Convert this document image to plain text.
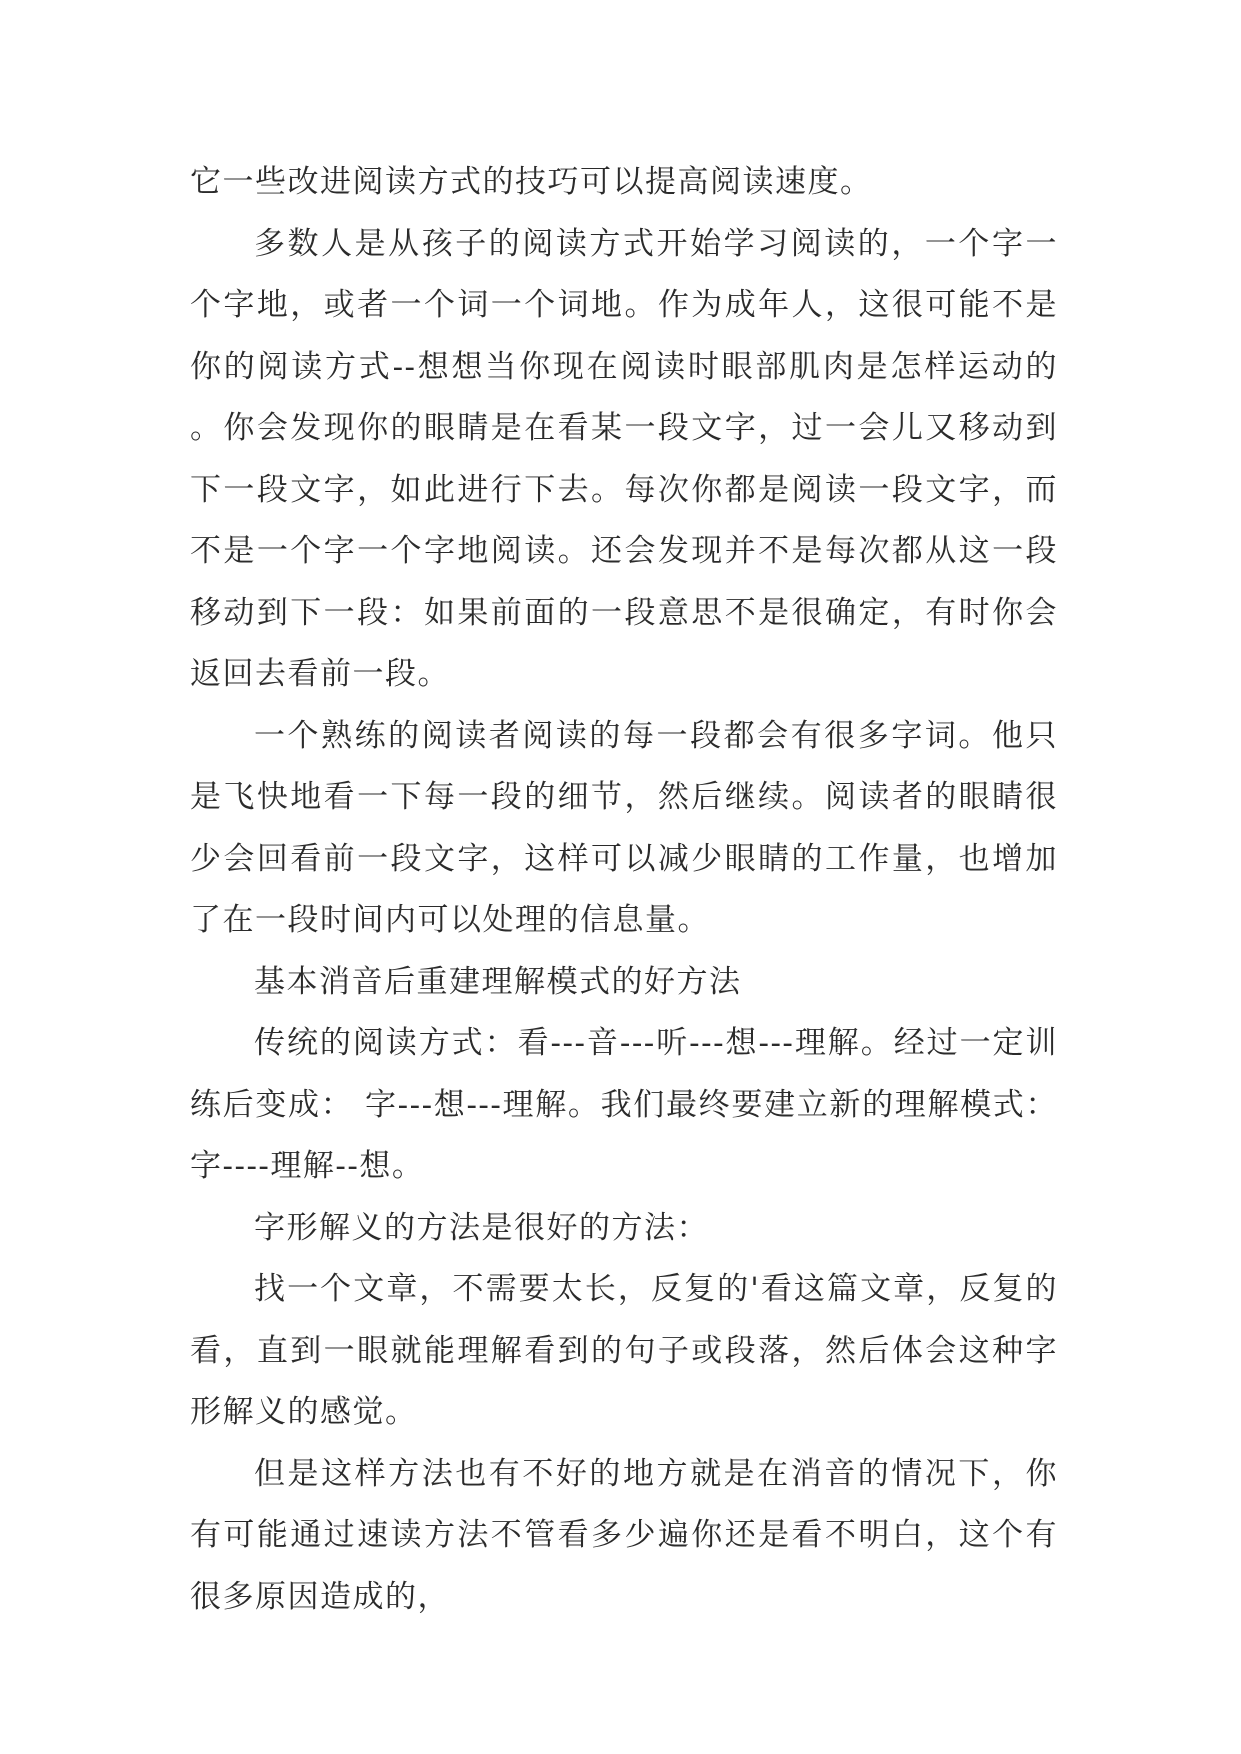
它一些改进阅读方式的技巧可以提高阅读速度。

多数人是从孩子的阅读方式开始学习阅读的，一个字一个字地，或者一个词一个词地。作为成年人，这很可能不是你的阅读方式--想想当你现在阅读时眼部肌肉是怎样运动的。你会发现你的眼睛是在看某一段文字，过一会儿又移动到下一段文字，如此进行下去。每次你都是阅读一段文字，而不是一个字一个字地阅读。还会发现并不是每次都从这一段移动到下一段：如果前面的一段意思不是很确定，有时你会返回去看前一段。

一个熟练的阅读者阅读的每一段都会有很多字词。他只是飞快地看一下每一段的细节，然后继续。阅读者的眼睛很少会回看前一段文字，这样可以减少眼睛的工作量，也增加了在一段时间内可以处理的信息量。

基本消音后重建理解模式的好方法

传统的阅读方式：看---音---听---想---理解。经过一定训练后变成： 字---想---理解。我们最终要建立新的理解模式：字----理解--想。

字形解义的方法是很好的方法：

找一个文章，不需要太长，反复的'看这篇文章，反复的看，直到一眼就能理解看到的句子或段落，然后体会这种字形解义的感觉。

但是这样方法也有不好的地方就是在消音的情况下，你有可能通过速读方法不管看多少遍你还是看不明白，这个有很多原因造成的，
